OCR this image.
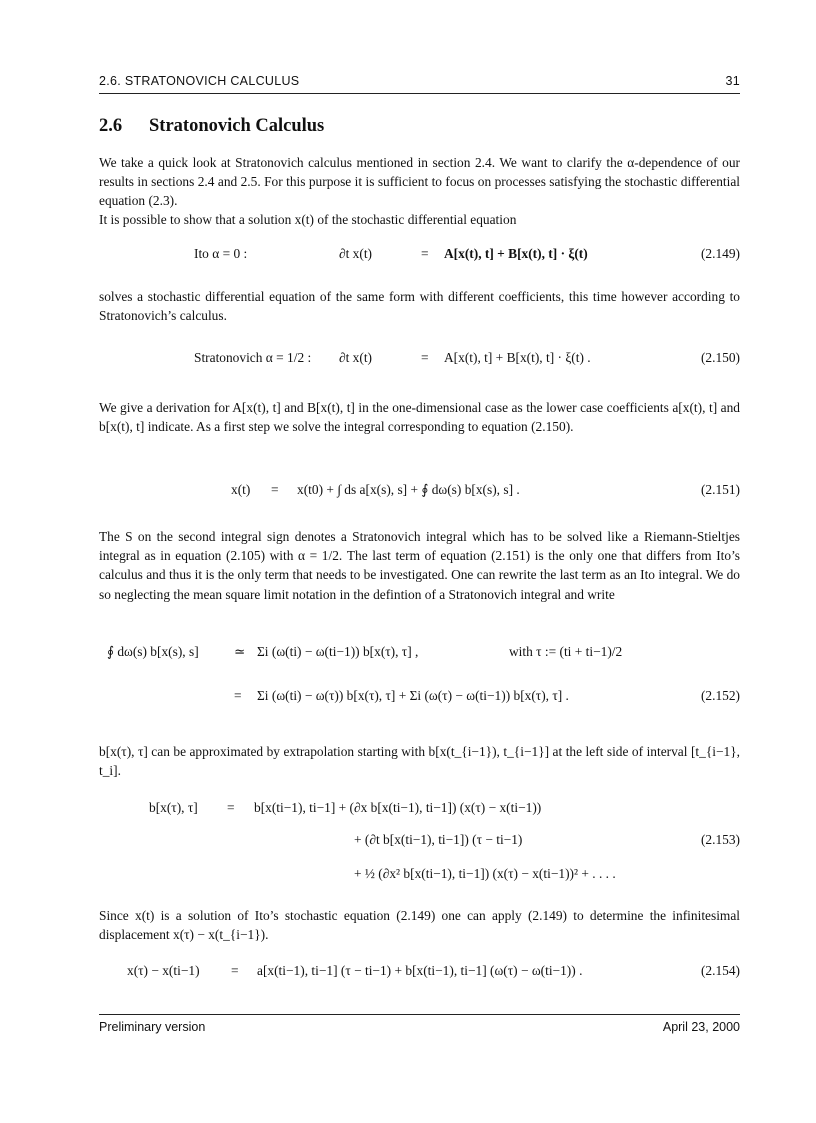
2.6. STRATONOVICH CALCULUS	31
2.6 Stratonovich Calculus
We take a quick look at Stratonovich calculus mentioned in section 2.4. We want to clarify the α-dependence of our results in sections 2.4 and 2.5. For this purpose it is sufficient to focus on processes satisfying the stochastic differential equation (2.3).
It is possible to show that a solution x(t) of the stochastic differential equation
Ito α = 0 :	∂t x(t)	= A[x(t), t] + B[x(t), t] · ξ(t)	(2.149)
solves a stochastic differential equation of the same form with different coefficients, this time however according to Stratonovich’s calculus.
Stratonovich α = 1/2 : ∂t x(t)	= A[x(t), t] + B[x(t), t] · ξ(t) .	(2.150)
We give a derivation for A[x(t), t] and B[x(t), t] in the one-dimensional case as the lower case coefficients a[x(t), t] and b[x(t), t] indicate. As a first step we solve the integral corresponding to equation (2.150).
x(t) = x(t0) + ∫ ds a[x(s), s] + ∮ dω(s) b[x(s), s] .	(2.151)
The S on the second integral sign denotes a Stratonovich integral which has to be solved like a Riemann-Stieltjes integral as in equation (2.105) with α = 1/2. The last term of equation (2.151) is the only one that differs from Ito’s calculus and thus it is the only term that needs to be investigated. One can rewrite the last term as an Ito integral. We do so neglecting the mean square limit notation in the defintion of a Stratonovich integral and write
∮ dω(s) b[x(s), s]	≃ Σi (ω(ti) − ω(ti−1)) b[x(τ), τ] ,	with τ := (ti + ti−1)/2
= Σi (ω(ti) − ω(τ)) b[x(τ), τ] + Σi (ω(τ) − ω(ti−1)) b[x(τ), τ] .	(2.152)
b[x(τ), τ] can be approximated by extrapolation starting with b[x(t_{i−1}), t_{i−1}] at the left side of interval [t_{i−1}, t_i].
b[x(τ), τ] = b[x(ti−1), ti−1] + (∂x b[x(ti−1), ti−1]) (x(τ) − x(ti−1))
+ (∂t b[x(ti−1), ti−1]) (τ − ti−1)	(2.153)
+ ½ (∂x² b[x(ti−1), ti−1]) (x(τ) − x(ti−1))² + . . . .
Since x(t) is a solution of Ito’s stochastic equation (2.149) one can apply (2.149) to determine the infinitesimal displacement x(τ) − x(t_{i−1}).
x(τ) − x(ti−1) = a[x(ti−1), ti−1] (τ − ti−1) + b[x(ti−1), ti−1] (ω(τ) − ω(ti−1)) .	(2.154)
Preliminary version	April 23, 2000
